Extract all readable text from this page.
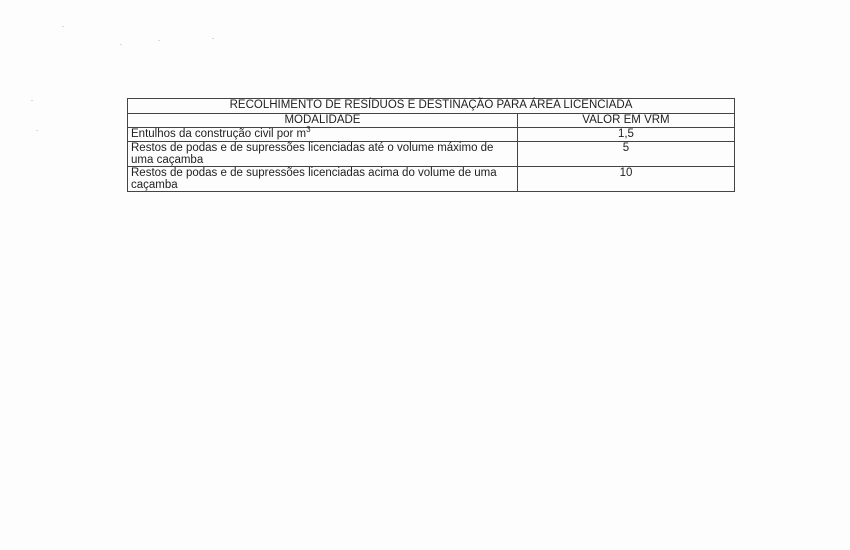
RECOLHIMENTO DE RESÍDUOS E DESTINAÇÃO PARA ÁREA LICENCIADA	
MODALIDADE	VALOR EM VRM
Entulhos da construção civil por $m^3$	1,5
Restos de podas e de supressões licenciadas até o volume máximo de uma caçamba	5
Restos de podas e de supressões licenciadas acima do volume de uma caçamba	10
